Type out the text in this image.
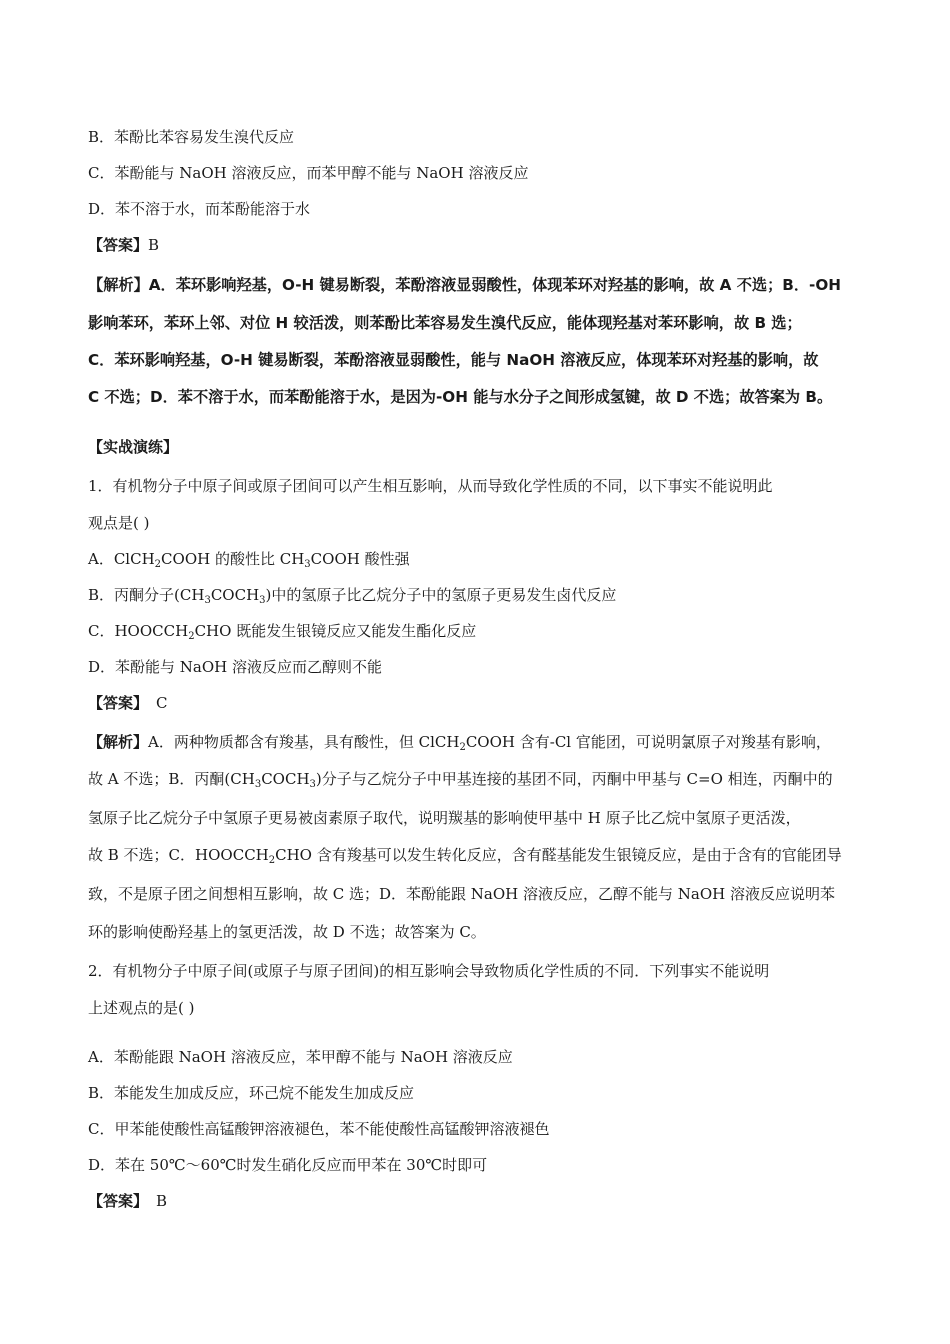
B．苯酚比苯容易发生溴代反应
C．苯酚能与 NaOH 溶液反应，而苯甲醇不能与 NaOH 溶液反应
D．苯不溶于水，而苯酚能溶于水
【答案】B
【解析】A．苯环影响羟基，O-H 键易断裂，苯酚溶液显弱酸性，体现苯环对羟基的影响，故 A 不选；B．-OH
影响苯环，苯环上邻、对位 H 较活泼，则苯酚比苯容易发生溴代反应，能体现羟基对苯环影响，故 B 选；
C．苯环影响羟基，O-H 键易断裂，苯酚溶液显弱酸性，能与 NaOH 溶液反应，体现苯环对羟基的影响，故
C 不选；D．苯不溶于水，而苯酚能溶于水，是因为-OH 能与水分子之间形成氢键，故 D 不选；故答案为 B。
【实战演练】
1．有机物分子中原子间或原子团间可以产生相互影响，从而导致化学性质的不同，以下事实不能说明此
观点是( )
A．ClCH$_2$COOH 的酸性比 $CH_3COOH$ 酸性强
B．丙酮分子$(CH_3COCH_3)$中的氢原子比乙烷分子中的氢原子更易发生卤代反应
C．$HOOCCH_2CHO$ 既能发生银镜反应又能发生酯化反应
D．苯酚能与 NaOH 溶液反应而乙醇则不能
【答案】 C
【解析】A．两种物质都含有羧基，具有酸性，但 ClCH$_2$COOH 含有-Cl 官能团，可说明氯原子对羧基有影响，
故 A 不选；B．丙酮$(CH_3COCH_3)$分子与乙烷分子中甲基连接的基团不同，丙酮中甲基与 C=O 相连，丙酮中的
氢原子比乙烷分子中氢原子更易被卤素原子取代，说明羰基的影响使甲基中 H 原子比乙烷中氢原子更活泼，
故 B 不选；C．$HOOCCH_2CHO$ 含有羧基可以发生转化反应，含有醛基能发生银镜反应，是由于含有的官能团导
致，不是原子团之间想相互影响，故 C 选；D．苯酚能跟 NaOH 溶液反应，乙醇不能与 NaOH 溶液反应说明苯
环的影响使酚羟基上的氢更活泼，故 D 不选；故答案为 C。
2．有机物分子中原子间(或原子与原子团间)的相互影响会导致物质化学性质的不同．下列事实不能说明
上述观点的是( )
A．苯酚能跟 NaOH 溶液反应，苯甲醇不能与 NaOH 溶液反应
B．苯能发生加成反应，环己烷不能发生加成反应
C．甲苯能使酸性高锰酸钾溶液褪色，苯不能使酸性高锰酸钾溶液褪色
D．苯在 50℃～60℃时发生硝化反应而甲苯在 30℃时即可
【答案】 B
